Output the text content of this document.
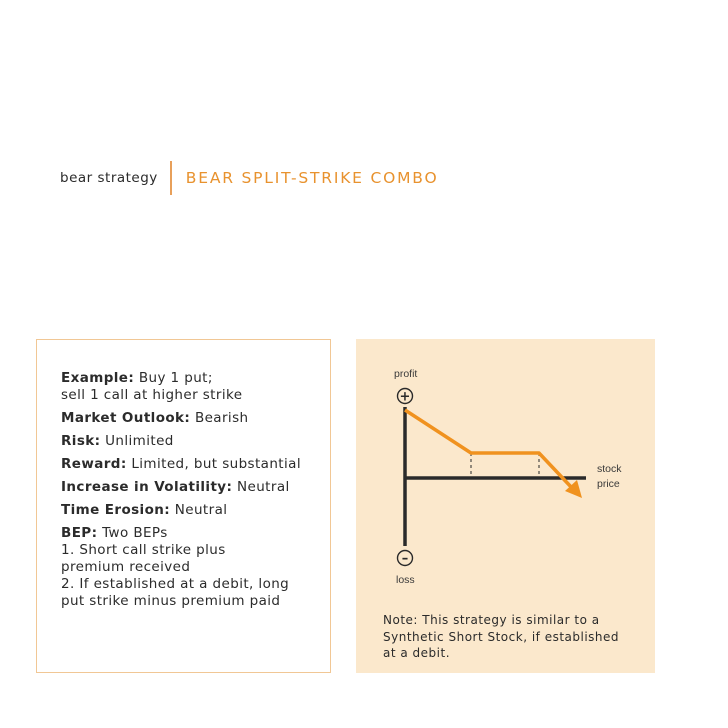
bear strategy BEAR SPLIT-STRIKE COMBO
Example: Buy 1 put;
sell 1 call at higher strike
Market Outlook: Bearish
Risk: Unlimited
Reward: Limited, but substantial
Increase in Volatility: Neutral
Time Erosion: Neutral
BEP: Two BEPs
1. Short call strike plus
premium received
2. If established at a debit, long
put strike minus premium paid
profit
+
stock
price
–
loss
Note: This strategy is similar to a
Synthetic Short Stock, if established
at a debit.
